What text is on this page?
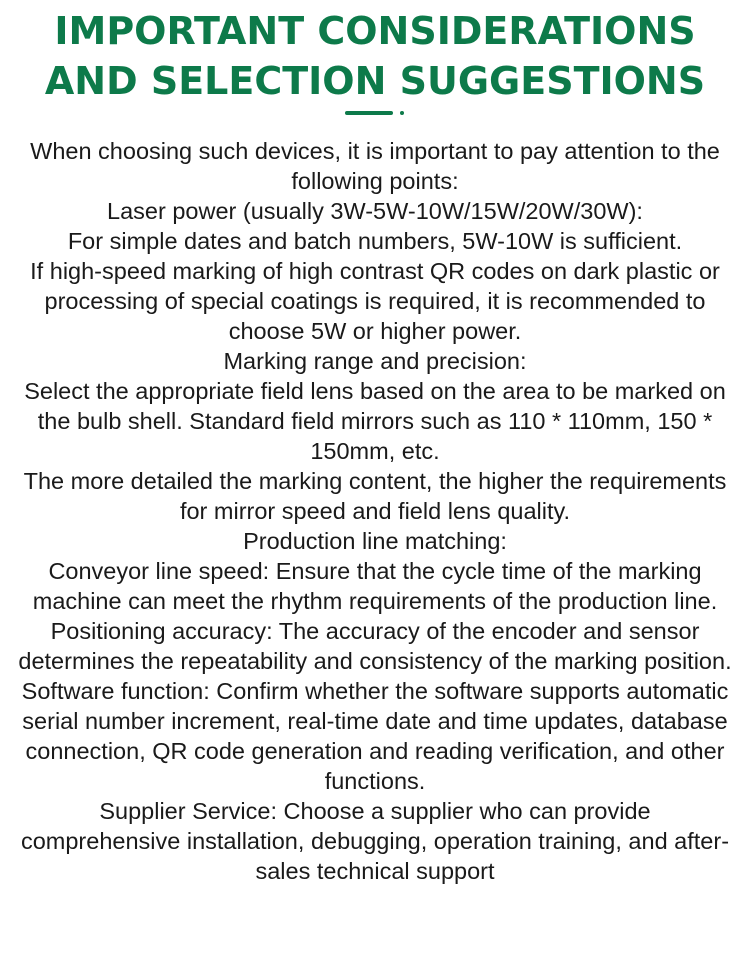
IMPORTANT CONSIDERATIONS
AND SELECTION SUGGESTIONS

When choosing such devices, it is important to pay attention to the following points:

Laser power (usually 3W-5W-10W/15W/20W/30W):

For simple dates and batch numbers, 5W-10W is sufficient.

If high-speed marking of high contrast QR codes on dark plastic or processing of special coatings is required, it is recommended to choose 5W or higher power.

Marking range and precision:

Select the appropriate field lens based on the area to be marked on the bulb shell. Standard field mirrors such as 110 * 110mm, 150 * 150mm, etc.

The more detailed the marking content, the higher the requirements for mirror speed and field lens quality.

Production line matching:

Conveyor line speed: Ensure that the cycle time of the marking machine can meet the rhythm requirements of the production line.

Positioning accuracy: The accuracy of the encoder and sensor determines the repeatability and consistency of the marking position.

Software function: Confirm whether the software supports automatic serial number increment, real-time date and time updates, database connection, QR code generation and reading verification, and other functions.

Supplier Service: Choose a supplier who can provide comprehensive installation, debugging, operation training, and after-sales technical support
